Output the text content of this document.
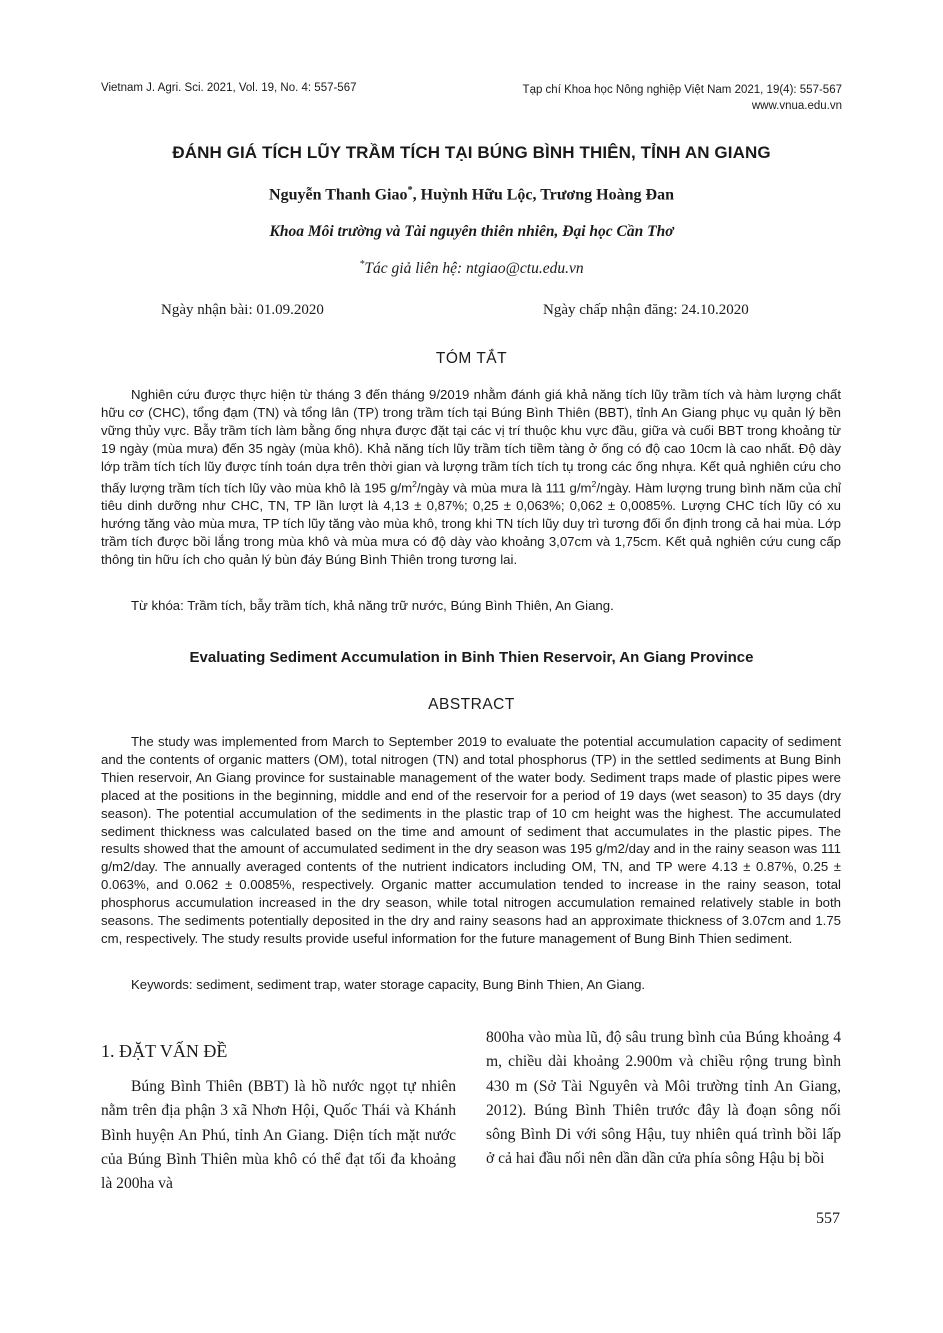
Vietnam J. Agri. Sci. 2021, Vol. 19, No. 4: 557-567	Tạp chí Khoa học Nông nghiệp Việt Nam 2021, 19(4): 557-567
www.vnua.edu.vn
ĐÁNH GIÁ TÍCH LŨY TRẦM TÍCH TẠI BÚNG BÌNH THIÊN, TỈNH AN GIANG
Nguyễn Thanh Giao*, Huỳnh Hữu Lộc, Trương Hoàng Đan
Khoa Môi trường và Tài nguyên thiên nhiên, Đại học Cần Thơ
*Tác giả liên hệ: ntgiao@ctu.edu.vn
Ngày nhận bài: 01.09.2020	Ngày chấp nhận đăng: 24.10.2020
TÓM TẮT

Nghiên cứu được thực hiện từ tháng 3 đến tháng 9/2019 nhằm đánh giá khả năng tích lũy trầm tích và hàm lượng chất hữu cơ (CHC), tổng đạm (TN) và tổng lân (TP) trong trầm tích tại Búng Bình Thiên (BBT), tỉnh An Giang phục vụ quản lý bền vững thủy vực. Bẫy trầm tích làm bằng ống nhựa được đặt tại các vị trí thuộc khu vực đầu, giữa và cuối BBT trong khoảng từ 19 ngày (mùa mưa) đến 35 ngày (mùa khô). Khả năng tích lũy trầm tích tiềm tàng ở ống có độ cao 10cm là cao nhất. Độ dày lớp trầm tích tích lũy được tính toán dựa trên thời gian và lượng trầm tích tích tụ trong các ống nhựa. Kết quả nghiên cứu cho thấy lượng trầm tích tích lũy vào mùa khô là 195 $g/m^2$/ngày và mùa mưa là 111 $g/m^2$/ngày. Hàm lượng trung bình năm của chỉ tiêu dinh dưỡng như CHC, TN, TP lần lượt là 4,13 ± 0,87%; 0,25 ± 0,063%; 0,062 ± 0,0085%. Lượng CHC tích lũy có xu hướng tăng vào mùa mưa, TP tích lũy tăng vào mùa khô, trong khi TN tích lũy duy trì tương đối ổn định trong cả hai mùa. Lớp trầm tích được bồi lắng trong mùa khô và mùa mưa có độ dày vào khoảng 3,07cm và 1,75cm. Kết quả nghiên cứu cung cấp thông tin hữu ích cho quản lý bùn đáy Búng Bình Thiên trong tương lai.

Từ khóa: Trầm tích, bẫy trầm tích, khả năng trữ nước, Búng Bình Thiên, An Giang.
Evaluating Sediment Accumulation in Binh Thien Reservoir, An Giang Province
ABSTRACT

The study was implemented from March to September 2019 to evaluate the potential accumulation capacity of sediment and the contents of organic matters (OM), total nitrogen (TN) and total phosphorus (TP) in the settled sediments at Bung Binh Thien reservoir, An Giang province for sustainable management of the water body. Sediment traps made of plastic pipes were placed at the positions in the beginning, middle and end of the reservoir for a period of 19 days (wet season) to 35 days (dry season). The potential accumulation of the sediments in the plastic trap of 10 cm height was the highest. The accumulated sediment thickness was calculated based on the time and amount of sediment that accumulates in the plastic pipes. The results showed that the amount of accumulated sediment in the dry season was 195 g/m2/day and in the rainy season was 111 g/m2/day. The annually averaged contents of the nutrient indicators including OM, TN, and TP were 4.13 ± 0.87%, 0.25 ± 0.063%, and 0.062 ± 0.0085%, respectively. Organic matter accumulation tended to increase in the rainy season, total phosphorus accumulation increased in the dry season, while total nitrogen accumulation remained relatively stable in both seasons. The sediments potentially deposited in the dry and rainy seasons had an approximate thickness of 3.07cm and 1.75 cm, respectively. The study results provide useful information for the future management of Bung Binh Thien sediment.

Keywords: sediment, sediment trap, water storage capacity, Bung Binh Thien, An Giang.
1. ĐẶT VẤN ĐỀ

Búng Bình Thiên (BBT) là hồ nước ngọt tự nhiên nằm trên địa phận 3 xã Nhơn Hội, Quốc Thái và Khánh Bình huyện An Phú, tỉnh An Giang. Diện tích mặt nước của Búng Bình Thiên mùa khô có thể đạt tối đa khoảng là 200ha và

800ha vào mùa lũ, độ sâu trung bình của Búng khoảng 4 m, chiều dài khoảng 2.900m và chiều rộng trung bình 430 m (Sở Tài Nguyên và Môi trường tỉnh An Giang, 2012). Búng Bình Thiên trước đây là đoạn sông nối sông Bình Di với sông Hậu, tuy nhiên quá trình bồi lấp ở cả hai đầu nối nên dần dần cửa phía sông Hậu bị bồi

557
